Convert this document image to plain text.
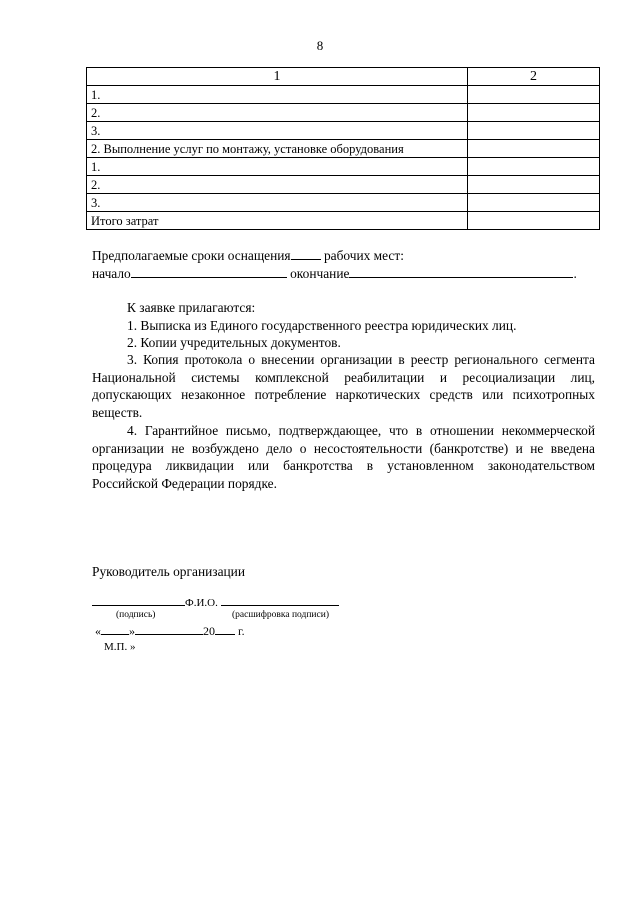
8
1	2
1.	
2.	
3.	
2. Выполнение услуг по монтажу, установке оборудования	
1.	
2.	
3.	
Итого затрат	
Предполагаемые сроки оснащения рабочих мест:
начало	окончание	.
К заявке прилагаются:
1. Выписка из Единого государственного реестра юридических лиц.
2. Копии учредительных документов.
3. Копия протокола о внесении организации в реестр регионального сегмента Национальной системы комплексной реабилитации и ресоциализации лиц, допускающих незаконное потребление наркотических средств или психотропных веществ.
4. Гарантийное письмо, подтверждающее, что в отношении некоммерческой организации не возбуждено дело о несостоятельности (банкротстве) и не введена процедура ликвидации или банкротства в установленном законодательством Российской Федерации порядке.
Руководитель организации
Ф.И.О.
(подпись)	(расшифровка подписи)
« »	20 г.
М.П. »
